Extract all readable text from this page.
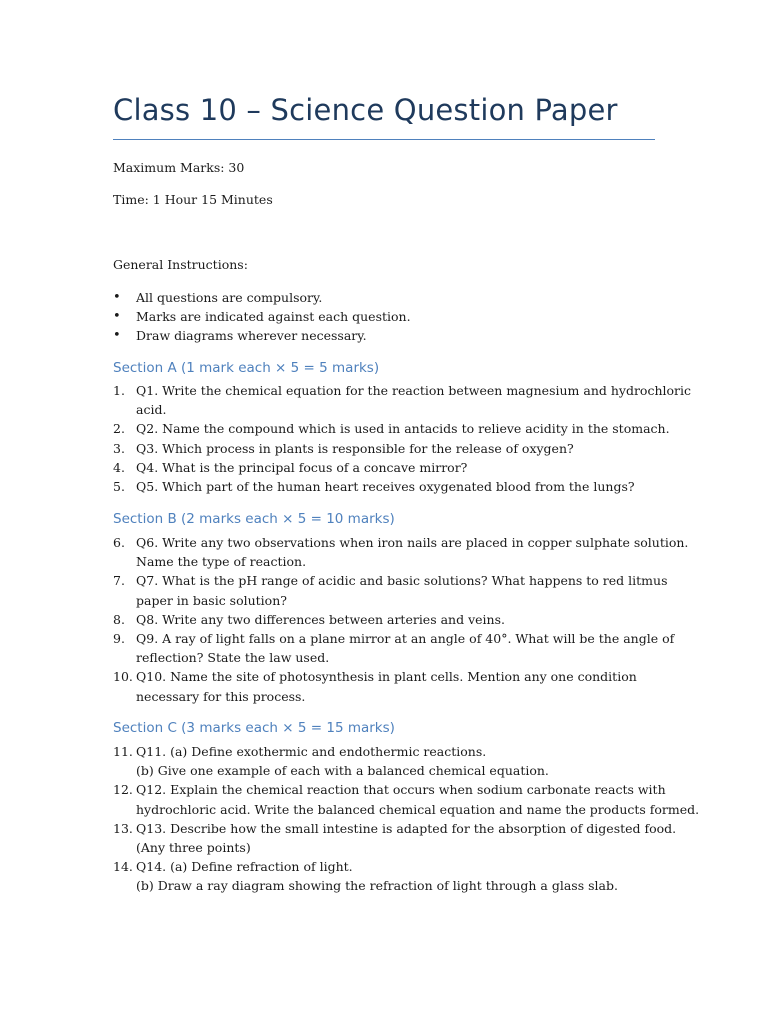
Class 10 – Science Question Paper
Maximum Marks: 30
Time: 1 Hour 15 Minutes
General Instructions:
• All questions are compulsory.
• Marks are indicated against each question.
• Draw diagrams wherever necessary.
Section A (1 mark each × 5 = 5 marks)
1. Q1. Write the chemical equation for the reaction between magnesium and hydrochloric
acid.
2. Q2. Name the compound which is used in antacids to relieve acidity in the stomach.
3. Q3. Which process in plants is responsible for the release of oxygen?
4. Q4. What is the principal focus of a concave mirror?
5. Q5. Which part of the human heart receives oxygenated blood from the lungs?
Section B (2 marks each × 5 = 10 marks)
6. Q6. Write any two observations when iron nails are placed in copper sulphate solution.
Name the type of reaction.
7. Q7. What is the pH range of acidic and basic solutions? What happens to red litmus
paper in basic solution?
8. Q8. Write any two differences between arteries and veins.
9. Q9. A ray of light falls on a plane mirror at an angle of 40°. What will be the angle of
reflection? State the law used.
10. Q10. Name the site of photosynthesis in plant cells. Mention any one condition
necessary for this process.
Section C (3 marks each × 5 = 15 marks)
11. Q11. (a) Define exothermic and endothermic reactions.
(b) Give one example of each with a balanced chemical equation.
12. Q12. Explain the chemical reaction that occurs when sodium carbonate reacts with
hydrochloric acid. Write the balanced chemical equation and name the products formed.
13. Q13. Describe how the small intestine is adapted for the absorption of digested food.
(Any three points)
14. Q14. (a) Define refraction of light.
(b) Draw a ray diagram showing the refraction of light through a glass slab.
